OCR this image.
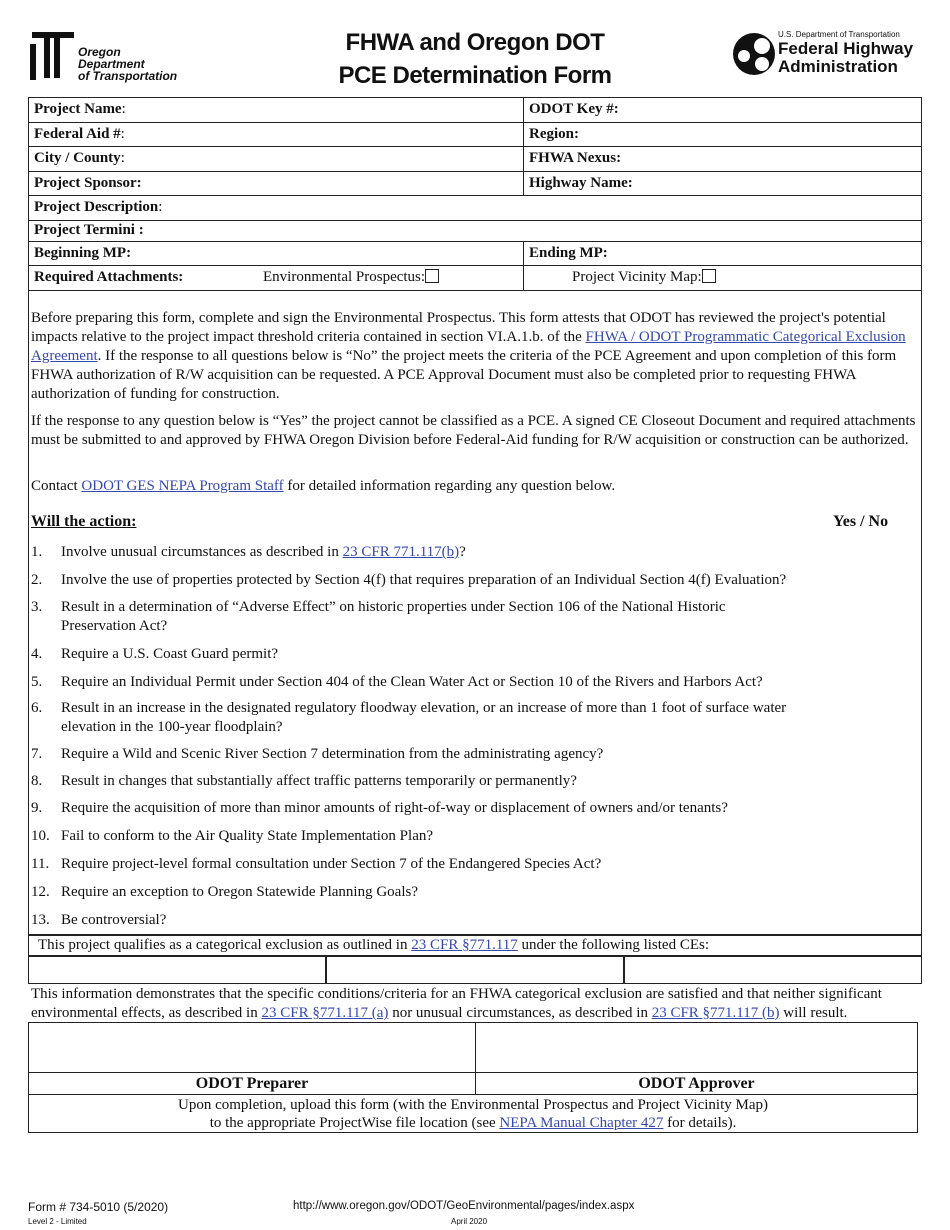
Oregon
Department
of Transportation
FHWA and Oregon DOT
PCE Determination Form
U.S. Department of Transportation
Federal Highway
Administration
Project Name:	ODOT Key #:
Federal Aid #:	Region:
City / County:	FHWA Nexus:
Project Sponsor:	Highway Name:
Project Description:	
Project Termini :	
Beginning MP:	Ending MP:
Required Attachments: Environmental Prospectus:	Project Vicinity Map:
Before preparing this form, complete and sign the Environmental Prospectus. This form attests that ODOT has reviewed the project's potential impacts relative to the project impact threshold criteria contained in section VI.A.1.b. of the FHWA / ODOT Programmatic Categorical Exclusion Agreement. If the response to all questions below is “No” the project meets the criteria of the PCE Agreement and upon completion of this form FHWA authorization of R/W acquisition can be requested. A PCE Approval Document must also be completed prior to requesting FHWA authorization of funding for construction.
If the response to any question below is “Yes” the project cannot be classified as a PCE. A signed CE Closeout Document and required attachments must be submitted to and approved by FHWA Oregon Division before Federal-Aid funding for R/W acquisition or construction can be authorized.
Contact ODOT GES NEPA Program Staff for detailed information regarding any question below.
Will the action:	Yes / No
1. Involve unusual circumstances as described in 23 CFR 771.117(b)?
2. Involve the use of properties protected by Section 4(f) that requires preparation of an Individual Section 4(f) Evaluation?
3. Result in a determination of “Adverse Effect” on historic properties under Section 106 of the National Historic
Preservation Act?
4. Require a U.S. Coast Guard permit?
5. Require an Individual Permit under Section 404 of the Clean Water Act or Section 10 of the Rivers and Harbors Act?
6. Result in an increase in the designated regulatory floodway elevation, or an increase of more than 1 foot of surface water
elevation in the 100-year floodplain?
7. Require a Wild and Scenic River Section 7 determination from the administrating agency?
8. Result in changes that substantially affect traffic patterns temporarily or permanently?
9. Require the acquisition of more than minor amounts of right-of-way or displacement of owners and/or tenants?
10. Fail to conform to the Air Quality State Implementation Plan?
11. Require project-level formal consultation under Section 7 of the Endangered Species Act?
12. Require an exception to Oregon Statewide Planning Goals?
13. Be controversial?
This project qualifies as a categorical exclusion as outlined in 23 CFR §771.117 under the following listed CEs:
This information demonstrates that the specific conditions/criteria for an FHWA categorical exclusion are satisfied and that neither significant environmental effects, as described in 23 CFR §771.117 (a) nor unusual circumstances, as described in 23 CFR §771.117 (b) will result.
ODOT Preparer	ODOT Approver
Upon completion, upload this form (with the Environmental Prospectus and Project Vicinity Map)
to the appropriate ProjectWise file location (see NEPA Manual Chapter 427 for details).
Form # 734-5010 (5/2020)
Level 2 - Limited
http://www.oregon.gov/ODOT/GeoEnvironmental/pages/index.aspx
April 2020
